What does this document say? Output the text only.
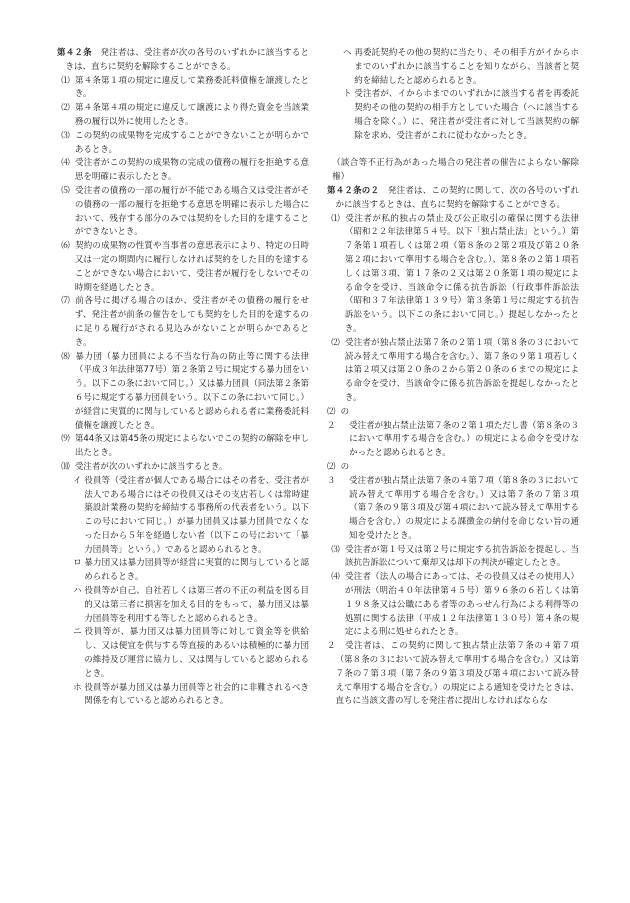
第４２条　発注者は、受注者が次の各号のいずれかに該当するときは、直ちに契約を解除することができる。

⑴ 第４条第１項の規定に違反して業務委託料債権を譲渡したとき。

⑵ 第４条第４項の規定に違反して譲渡により得た資金を当該業務の履行以外に使用したとき。

⑶ この契約の成果物を完成することができないことが明らかであるとき。

⑷ 受注者がこの契約の成果物の完成の債務の履行を拒絶する意思を明確に表示したとき。

⑸ 受注者の債務の一部の履行が不能である場合又は受注者がその債務の一部の履行を拒絶する意思を明確に表示した場合において、残存する部分のみでは契約をした目的を達することができないとき。

⑹ 契約の成果物の性質や当事者の意思表示により、特定の日時又は一定の期間内に履行しなければ契約をした目的を達することができない場合において、受注者が履行をしないでその時期を経過したとき。

⑺ 前各号に掲げる場合のほか、受注者がその債務の履行をせず、発注者が前条の催告をしても契約をした目的を達するのに足りる履行がされる見込みがないことが明らかであるとき。

⑻ 暴力団（暴力団員による不当な行為の防止等に関する法律（平成３年法律第77号）第２条第２号に規定する暴力団をいう。以下この条において同じ。）又は暴力団員（同法第２条第６号に規定する暴力団員をいう。以下この条において同じ。）が経営に実質的に関与していると認められる者に業務委託料債権を譲渡したとき。

⑼ 第44条又は第45条の規定によらないでこの契約の解除を申し出たとき。

⑽ 受注者が次のいずれかに該当するとき。

イ 役員等（受注者が個人である場合にはその者を、受注者が法人である場合にはその役員又はその支店若しくは常時建築設計業務の契約を締結する事務所の代表者をいう。以下この号において同じ。）が暴力団員又は暴力団員でなくなった日から５年を経過しない者（以下この号において「暴力団員等」という。）であると認められるとき。

ロ 暴力団又は暴力団員等が経営に実質的に関与していると認められるとき。

ハ 役員等が自己、自社若しくは第三者の不正の利益を図る目的又は第三者に損害を加える目的をもって、暴力団又は暴力団員等を利用する等したと認められるとき。

ニ 役員等が、暴力団又は暴力団員等に対して資金等を供給し、又は便宜を供与する等直接的あるいは積極的に暴力団の維持及び運営に協力し、又は関与していると認められるとき。

ホ 役員等が暴力団又は暴力団員等と社会的に非難されるべき関係を有していると認められるとき。

ヘ 再委託契約その他の契約に当たり、その相手方がイからホまでのいずれかに該当することを知りながら、当該者と契約を締結したと認められるとき。

ト 受注者が、イからホまでのいずれかに該当する者を再委託契約その他の契約の相手方としていた場合（ヘに該当する場合を除く。）に、発注者が受注者に対して当該契約の解除を求め、受注者がこれに従わなかったとき。

（談合等不正行為があった場合の発注者の催告によらない解除権）

第４２条の２　発注者は、この契約に関して、次の各号のいずれかに該当するときは、直ちに契約を解除することができる。

⑴ 受注者が私的独占の禁止及び公正取引の確保に関する法律（昭和２２年法律第５４号。以下「独占禁止法」という。）第７条第１項若しくは第２項（第８条の２第２項及び第２０条第２項において準用する場合を含む。）、第８条の２第１項若しくは第３項、第１７条の２又は第２０条第１項の規定による命令を受け、当該命令に係る抗告訴訟（行政事件訴訟法（昭和３７年法律第１３９号）第３条第１号に規定する抗告訴訟をいう。以下この条において同じ。）提起しなかったとき。

⑵ 受注者が独占禁止法第７条の２第１項（第８条の３において読み替えて準用する場合を含む。）、第７条の９第１項若しくは第２項又は第２０条の２から第２０条の６までの規定による命令を受け、当該命令に係る抗告訴訟を提起しなかったとき。

⑵の２ 受注者が独占禁止法第７条の２第１項ただし書（第８条の３において準用する場合を含む。）の規定による命令を受けなかったと認められるとき。

⑵の３ 受注者が独占禁止法第７条の４第７項（第８条の３において読み替えて準用する場合を含む。）又は第７条の７第３項（第７条の９第３項及び第４項において読み替えて準用する場合を含む。）の規定による課徴金の納付を命じない旨の通知を受けたとき。

⑶ 受注者が第１号又は第２号に規定する抗告訴訟を提起し、当該抗告訴訟について棄却又は却下の判決が確定したとき。

⑷ 受注者（法人の場合にあっては、その役員又はその使用人）が刑法（明治４０年法律第４５号）第９６条の６若しくは第１９８条又は公職にある者等のあっせん行為による利得等の処罰に関する法律（平成１２年法律第１３０号）第４条の規定による刑に処せられたとき。

２　受注者は、この契約に関して独占禁止法第７条の４第７項（第８条の３において読み替えて準用する場合を含む。）又は第７条の７第３項（第７条の９第３項及び第４項において読み替えて準用する場合を含む。）の規定による通知を受けたときは、直ちに当該文書の写しを発注者に提出しなければならな
